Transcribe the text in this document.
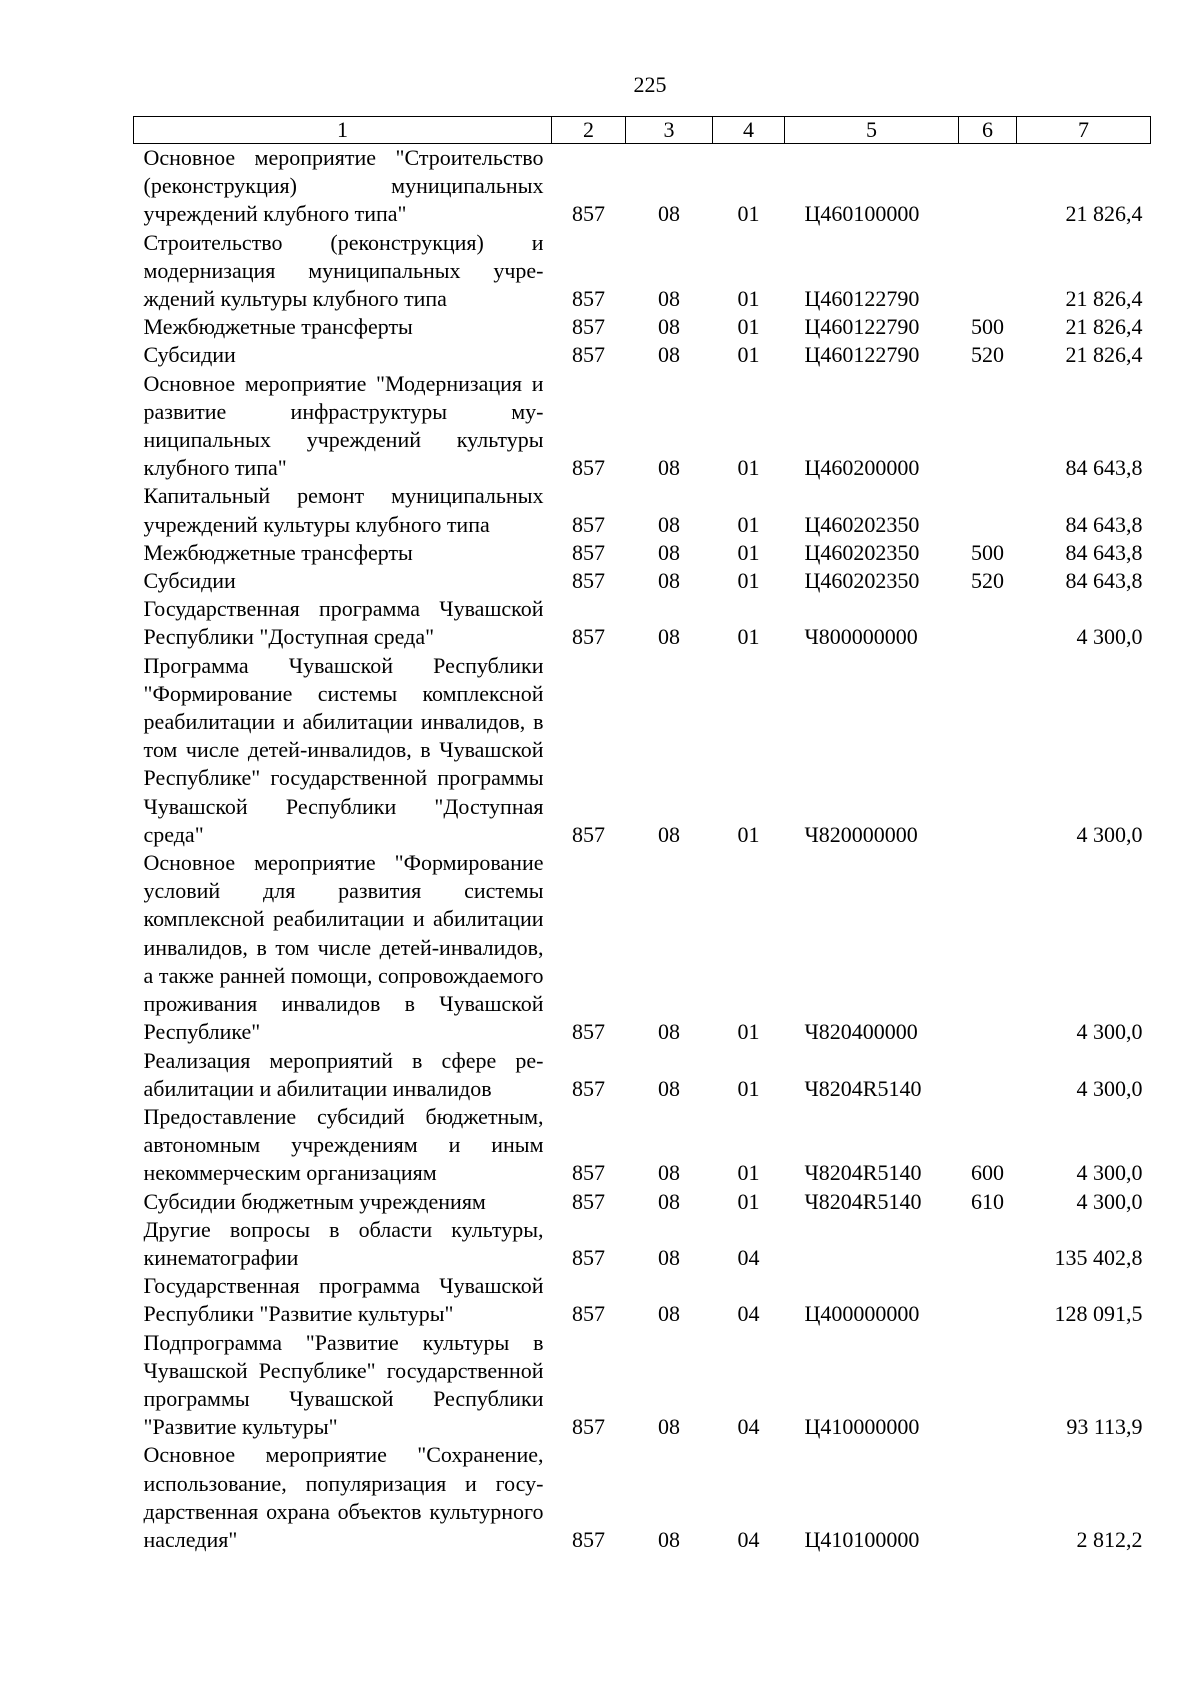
225
1	2	3	4	5	6	7
Основное мероприятие "Строительство (реконструкция) муниципальных учреждений клубного типа"	857	08	01	Ц460100000		21 826,4
Строительство (реконструкция) и модернизация муниципальных учреждений культуры клубного типа	857	08	01	Ц460122790		21 826,4
Межбюджетные трансферты	857	08	01	Ц460122790	500	21 826,4
Субсидии	857	08	01	Ц460122790	520	21 826,4
Основное мероприятие "Модернизация и развитие инфраструктуры муниципальных учреждений культуры клубного типа"	857	08	01	Ц460200000		84 643,8
Капитальный ремонт муниципальных учреждений культуры клубного типа	857	08	01	Ц460202350		84 643,8
Межбюджетные трансферты	857	08	01	Ц460202350	500	84 643,8
Субсидии	857	08	01	Ц460202350	520	84 643,8
Государственная программа Чувашской Республики "Доступная среда"	857	08	01	Ч800000000		4 300,0
Программа Чувашской Республики "Формирование системы комплексной реабилитации и абилитации инвалидов, в том числе детей-инвалидов, в Чувашской Республике" государственной программы Чувашской Республики "Доступная среда"	857	08	01	Ч820000000		4 300,0
Основное мероприятие "Формирование условий для развития системы комплексной реабилитации и абилитации инвалидов, в том числе детей-инвалидов, а также ранней помощи, сопровождаемого проживания инвалидов в Чувашской Республике"	857	08	01	Ч820400000		4 300,0
Реализация мероприятий в сфере реабилитации и абилитации инвалидов	857	08	01	Ч8204R5140		4 300,0
Предоставление субсидий бюджетным, автономным учреждениям и иным некоммерческим организациям	857	08	01	Ч8204R5140	600	4 300,0
Субсидии бюджетным учреждениям	857	08	01	Ч8204R5140	610	4 300,0
Другие вопросы в области культуры, кинематографии	857	08	04			135 402,8
Государственная программа Чувашской Республики "Развитие культуры"	857	08	04	Ц400000000		128 091,5
Подпрограмма "Развитие культуры в Чувашской Республике" государственной программы Чувашской Республики "Развитие культуры"	857	08	04	Ц410000000		93 113,9
Основное мероприятие "Сохранение, использование, популяризация и государственная охрана объектов культурного наследия"	857	08	04	Ц410100000		2 812,2
